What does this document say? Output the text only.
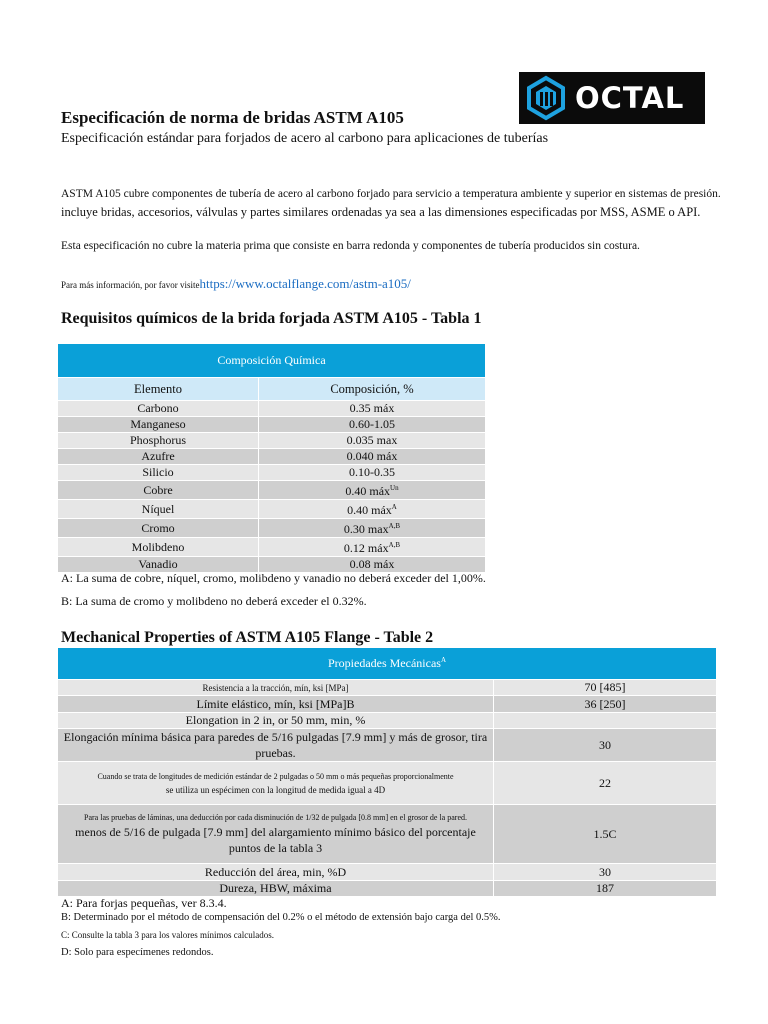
OCTAL
Especificación de norma de bridas ASTM A105
Especificación estándar para forjados de acero al carbono para aplicaciones de tuberías
ASTM A105 cubre componentes de tubería de acero al carbono forjado para servicio a temperatura ambiente y superior en sistemas de presión.
incluye bridas, accesorios, válvulas y partes similares ordenadas ya sea a las dimensiones especificadas por MSS, ASME o API.
Esta especificación no cubre la materia prima que consiste en barra redonda y componentes de tubería producidos sin costura.
Para más información, por favor visitehttps://www.octalflange.com/astm-a105/
Requisitos químicos de la brida forjada ASTM A105 - Tabla 1
Composición Química	
Elemento	Composición, %
Carbono	0.35 máx
Manganeso	0.60-1.05
Phosphorus	0.035 max
Azufre	0.040 máx
Silicio	0.10-0.35
Cobre	0.40 máx$^{Un}$
Níquel	0.40 máx$^A$
Cromo	0.30 $\max^{A,B}$
Molibdeno	0.12 máx$^{A,B}$
Vanadio	0.08 máx
A: La suma de cobre, níquel, cromo, molibdeno y vanadio no deberá exceder del 1,00%.
B: La suma de cromo y molibdeno no deberá exceder el 0.32%.
Mechanical Properties of ASTM A105 Flange - Table 2
Propiedades Mecánicas$^A$
Resistencia a la tracción, mín, ksi [MPa]	70 [485]
Límite elástico, mín, ksi [MPa]B	36 [250]
Elongation in 2 in, or 50 mm, min, %	
Elongación mínima básica para paredes de 5/16 pulgadas [7.9 mm] y más de grosor, tira pruebas.	30

Cuando se trata de longitudes de medición estándar de 2 pulgadas o 50 mm o más pequeñas proporcionalmente
se utiliza un espécimen con la longitud de medida igual a 4D	22

Para las pruebas de láminas, una deducción por cada disminución de 1/32 de pulgada [0.8 mm] en el grosor de la pared.
menos de 5/16 de pulgada [7.9 mm] del alargamiento mínimo básico del porcentaje puntos de la tabla 3	1.5C
Reducción del área, min, %D	30
Dureza, HBW, máxima	187
A: Para forjas pequeñas, ver 8.3.4.
B: Determinado por el método de compensación del 0.2% o el método de extensión bajo carga del 0.5%.
C: Consulte la tabla 3 para los valores mínimos calculados.
D: Solo para especímenes redondos.
